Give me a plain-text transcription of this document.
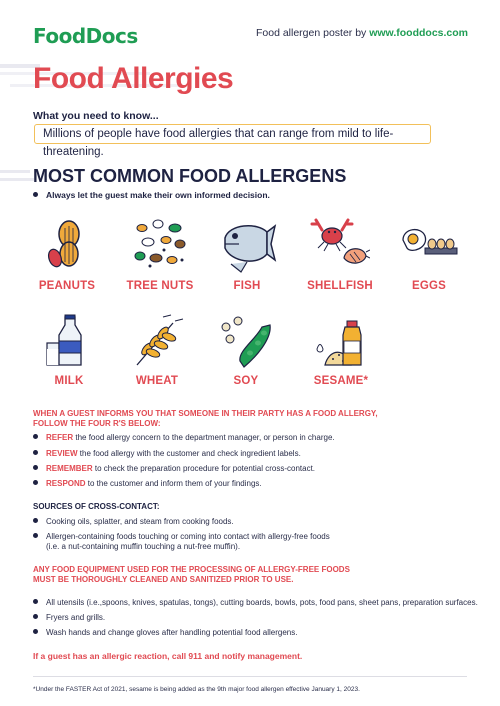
FoodDocs	Food allergen poster by www.fooddocs.com
Food Allergies
What you need to know...
Millions of people have food allergies that can range from mild to life-threatening.
MOST COMMON FOOD ALLERGENS
Always let the guest make their own informed decision.
PEANUTS	TREE NUTS	FISH	SHELLFISH	EGGS
MILK	WHEAT	SOY	SESAME*
WHEN A GUEST INFORMS YOU THAT SOMEONE IN THEIR PARTY HAS A FOOD ALLERGY,
FOLLOW THE FOUR R'S BELOW:
REFER the food allergy concern to the department manager, or person in charge.
REVIEW the food allergy with the customer and check ingredient labels.
REMEMBER to check the preparation procedure for potential cross-contact.
RESPOND to the customer and inform them of your findings.
SOURCES OF CROSS-CONTACT:
Cooking oils, splatter, and steam from cooking foods.
Allergen-containing foods touching or coming into contact with allergy-free foods
(i.e. a nut-containing muffin touching a nut-free muffin).
ANY FOOD EQUIPMENT USED FOR THE PROCESSING OF ALLERGY-FREE FOODS
MUST BE THOROUGHLY CLEANED AND SANITIZED PRIOR TO USE.
All utensils (i.e.,spoons, knives, spatulas, tongs), cutting boards, bowls, pots, food pans, sheet pans, preparation surfaces.
Fryers and grills.
Wash hands and change gloves after handling potential food allergens.
If a guest has an allergic reaction, call 911 and notify management.
*Under the FASTER Act of 2021, sesame is being added as the 9th major food allergen effective January 1, 2023.
